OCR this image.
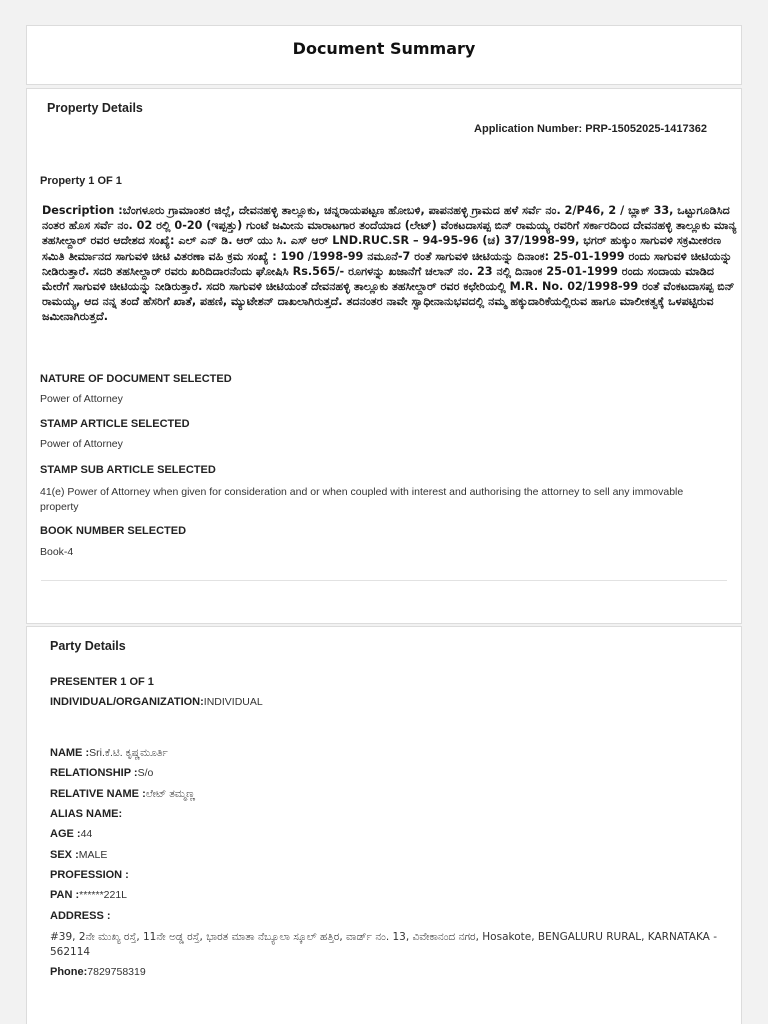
Document Summary
Property Details
Application Number: PRP-15052025-1417362
Property 1 OF 1
Description :ಬೆಂಗಳೂರು ಗ್ರಾಮಾಂತರ ಜಿಲ್ಲೆ, ದೇವನಹಳ್ಳಿ ತಾಲ್ಲೂಕು, ಚನ್ನರಾಯಪಟ್ಟಣ ಹೋಬಳಿ, ಪಾಪನಹಳ್ಳಿ ಗ್ರಾಮದ ಹಳೆ ಸರ್ವೆ ನಂ. 2/P46, 2 / ಬ್ಲಾಕ್ 33, ಒಟ್ಟುಗೂಡಿಸಿದ ನಂತರ ಹೊಸ ಸರ್ವೆ ನಂ. 02 ರಲ್ಲಿ 0-20 (ಇಪ್ಪತ್ತು) ಗುಂಟೆ ಜಮೀನು ಮಾರಾಟಗಾರ ತಂದೆಯಾದ (ಲೇಟ್) ವೆಂಕಟದಾಸಪ್ಪ ಬಿನ್ ರಾಮಯ್ಯ ರವರಿಗೆ ಸರ್ಕಾರದಿಂದ ದೇವನಹಳ್ಳಿ ತಾಲ್ಲೂಕು ಮಾನ್ಯ ತಹಸೀಲ್ದಾರ್ ರವರ ಆದೇಶದ ಸಂಖ್ಯೆ: ಎಲ್ ಎನ್ ಡಿ. ಆರ್ ಯು ಸಿ. ಎಸ್ ಆರ್ LND.RUC.SR – 94-95-96 (ಚ) 37/1998-99, ಭಗರ್ ಹುಕ್ಕುಂ ಸಾಗುವಳಿ ಸಕ್ರಮೀಕರಣ ಸಮಿತಿ ತೀರ್ಮಾನದ ಸಾಗುವಳಿ ಚೀಟಿ ವಿತರಣಾ ವಹಿ ಕ್ರಮ ಸಂಖ್ಯೆ : 190 /1998-99 ನಮೂನೆ-7 ರಂತೆ ಸಾಗುವಳಿ ಚೀಟಿಯನ್ನು ದಿನಾಂಕ: 25-01-1999 ರಂದು ಸಾಗುವಳಿ ಚೀಟಿಯನ್ನು ನೀಡಿರುತ್ತಾರೆ. ಸದರಿ ತಹಸೀಲ್ದಾರ್ ರವರು ಖರಿದಿದಾರನೆಂದು ಘೋಷಿಸಿ Rs.565/- ರೂಗಳನ್ನು ಖಜಾನೆಗೆ ಚಲಾನ್ ನಂ. 23 ನಲ್ಲಿ ದಿನಾಂಕ 25-01-1999 ರಂದು ಸಂದಾಯ ಮಾಡಿದ ಮೇರೆಗೆ ಸಾಗುವಳಿ ಚೀಟಿಯನ್ನು ನೀಡಿರುತ್ತಾರೆ. ಸದರಿ ಸಾಗುವಳಿ ಚೀಟಿಯಂತೆ ದೇವನಹಳ್ಳಿ ತಾಲ್ಲೂಕು ತಹಸೀಲ್ದಾರ್ ರವರ ಕಛೇರಿಯಲ್ಲಿ M.R. No. 02/1998-99 ರಂತೆ ವೆಂಕಟದಾಸಪ್ಪ ಬಿನ್ ರಾಮಯ್ಯ, ಆದ ನನ್ನ ತಂದೆ ಹೆಸರಿಗೆ ಖಾತೆ, ಪಹಣಿ, ಮ್ಯುಟೇಶನ್ ದಾಖಲಾಗಿರುತ್ತದೆ. ತದನಂತರ ನಾವೇ ಸ್ವಾಧೀನಾನುಭವದಲ್ಲಿ ನಮ್ಮ ಹಕ್ಕುದಾರಿಕೆಯಲ್ಲಿರುವ ಹಾಗೂ ಮಾಲೀಕತ್ವಕ್ಕೆ ಒಳಪಟ್ಟಿರುವ ಜಮೀನಾಗಿರುತ್ತದೆ.
NATURE OF DOCUMENT SELECTED
Power of Attorney
STAMP ARTICLE SELECTED
Power of Attorney
STAMP SUB ARTICLE SELECTED
41(e) Power of Attorney when given for consideration and or when coupled with interest and authorising the attorney to sell any immovable property
BOOK NUMBER SELECTED
Book-4
Party Details
PRESENTER 1 OF 1
INDIVIDUAL/ORGANIZATION:INDIVIDUAL
NAME :Sri.ಕೆ.ಟಿ. ಕೃಷ್ಣಮೂರ್ತಿ
RELATIONSHIP :S/o
RELATIVE NAME :ಲೇಟ್ ತಮ್ಮಣ್ಣ
ALIAS NAME:
AGE :44
SEX :MALE
PROFESSION :
PAN :******221L
ADDRESS :
#39, 2ನೇ ಮುಖ್ಯ ರಸ್ತೆ, 11ನೇ ಅಡ್ಡ ರಸ್ತೆ, ಭಾರತ ಮಾತಾ ನೆಬ್ಯೂಲಾ ಸ್ಕೂಲ್ ಹತ್ತಿರ, ವಾರ್ಡ್ ನಂ. 13, ವಿವೇಕಾನಂದ ನಗರ, Hosakote, BENGALURU RURAL, KARNATAKA - 562114
Phone:7829758319
